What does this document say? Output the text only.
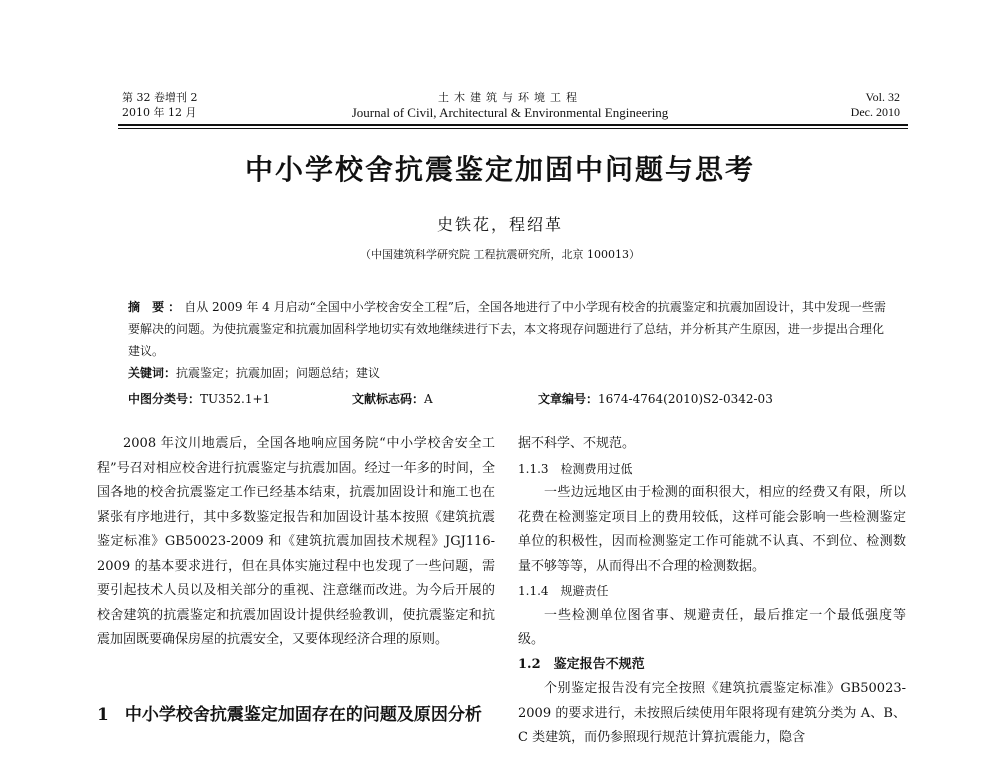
第 32 卷增刊 2
2010 年 12 月
土木建筑与环境工程
Journal of Civil, Architectural & Environmental Engineering
Vol. 32
Dec. 2010
中小学校舍抗震鉴定加固中问题与思考
史铁花，程绍革
（中国建筑科学研究院 工程抗震研究所，北京 100013）
摘 要：自从 2009 年 4 月启动“全国中小学校舍安全工程”后，全国各地进行了中小学现有校舍的抗震鉴定和抗震加固设计，其中发现一些需要解决的问题。为使抗震鉴定和抗震加固科学地切实有效地继续进行下去，本文将现存问题进行了总结，并分析其产生原因，进一步提出合理化建议。
关键词：抗震鉴定；抗震加固；问题总结；建议
中图分类号：TU352.1+1	文献标志码：A	文章编号：1674-4764(2010)S2-0342-03

2008 年汶川地震后，全国各地响应国务院“中小学校舍安全工程”号召对相应校舍进行抗震鉴定与抗震加固。经过一年多的时间，全国各地的校舍抗震鉴定工作已经基本结束，抗震加固设计和施工也在紧张有序地进行，其中多数鉴定报告和加固设计基本按照《建筑抗震鉴定标准》GB50023-2009 和《建筑抗震加固技术规程》JGJ116-2009 的基本要求进行，但在具体实施过程中也发现了一些问题，需要引起技术人员以及相关部分的重视、注意继而改进。为今后开展的校舍建筑的抗震鉴定和抗震加固设计提供经验教训，使抗震鉴定和抗震加固既要确保房屋的抗震安全，又要体现经济合理的原则。

1 中小学校舍抗震鉴定加固存在的问题及原因分析

据不科学、不规范。

1.1.3　检测费用过低

一些边远地区由于检测的面积很大，相应的经费又有限，所以花费在检测鉴定项目上的费用较低，这样可能会影响一些检测鉴定单位的积极性，因而检测鉴定工作可能就不认真、不到位、检测数量不够等等，从而得出不合理的检测数据。

1.1.4　规避责任

一些检测单位图省事、规避责任，最后推定一个最低强度等级。

1.2　鉴定报告不规范

个别鉴定报告没有完全按照《建筑抗震鉴定标准》GB50023-2009 的要求进行，未按照后续使用年限将现有建筑分类为 A、B、C 类建筑，而仍参照现行规范计算抗震能力，隐含
